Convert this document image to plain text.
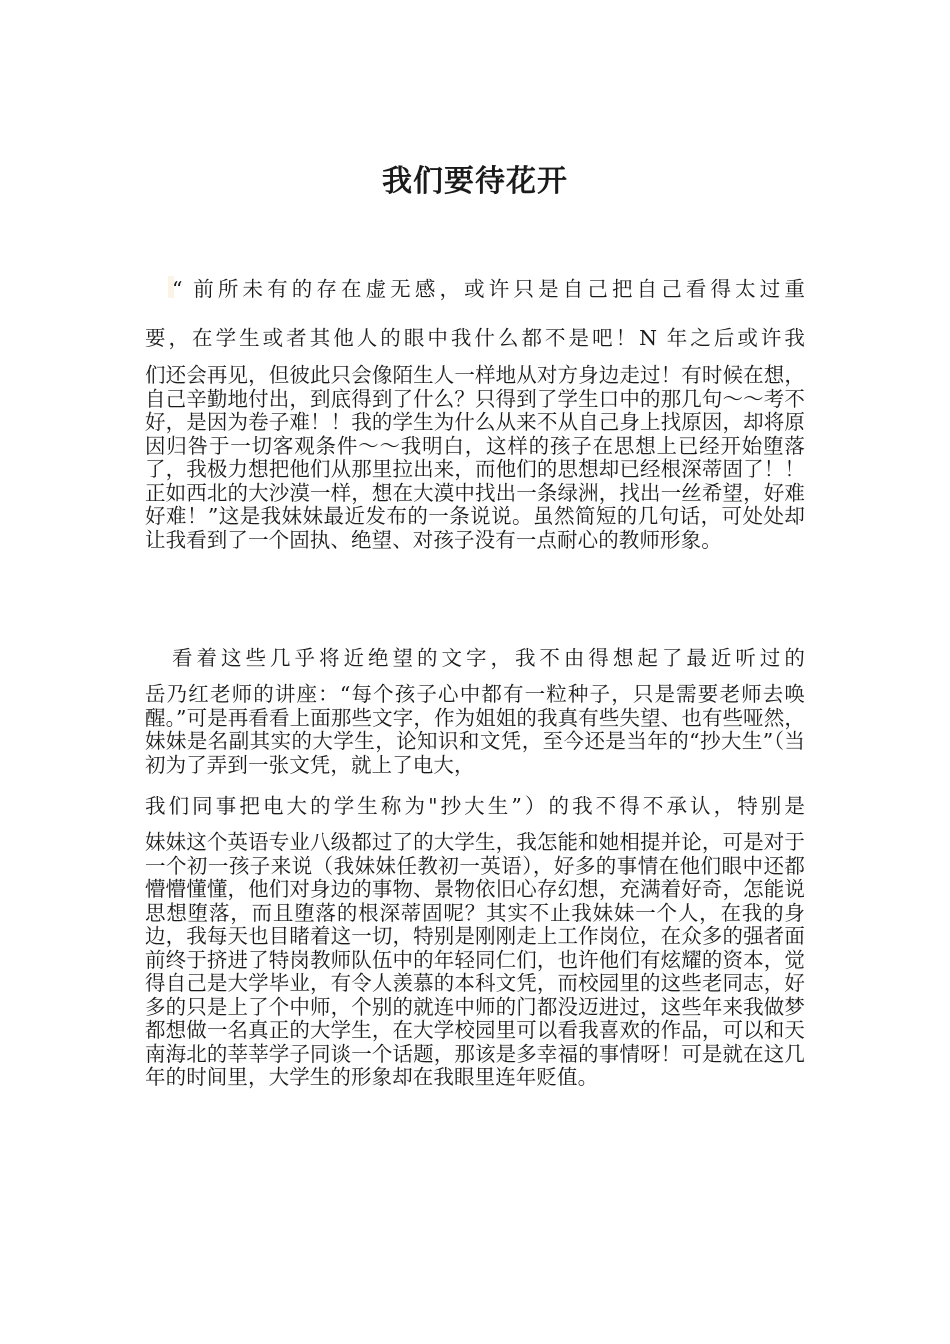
我们要待花开
“ 前所未有的存在虚无感，或许只是自己把自己看得太过重
要，在学生或者其他人的眼中我什么都不是吧！N 年之后或许我
们还会再见，但彼此只会像陌生人一样地从对方身边走过！有时候在想，自己辛勤地付出，到底得到了什么？只得到了学生口中的那几句～～考不好，是因为卷子难！！我的学生为什么从来不从自己身上找原因，却将原因归咎于一切客观条件～～我明白，这样的孩子在思想上已经开始堕落了，我极力想把他们从那里拉出来，而他们的思想却已经根深蒂固了！！ 正如西北的大沙漠一样，想在大漠中找出一条绿洲，找出一丝希望，好难好难！”这是我妹妹最近发布的一条说说。虽然简短的几句话，可处处却让我看到了一个固执、绝望、对孩子没有一点耐心的教师形象。
看着这些几乎将近绝望的文字，我不由得想起了最近听过的
岳乃红老师的讲座：“每个孩子心中都有一粒种子，只是需要老师去唤醒。”可是再看看上面那些文字，作为姐姐的我真有些失望、也有些哑然，妹妹是名副其实的大学生，论知识和文凭，至今还是当年的“抄大生”（当初为了弄到一张文凭，就上了电大，
我们同事把电大的学生称为"抄大生”）的我不得不承认，特别是
妹妹这个英语专业八级都过了的大学生，我怎能和她相提并论，可是对于一个初一孩子来说（我妹妹任教初一英语），好多的事情在他们眼中还都懵懵懂懂，他们对身边的事物、景物依旧心存幻想，充满着好奇，怎能说思想堕落，而且堕落的根深蒂固呢？其实不止我妹妹一个人，在我的身边，我每天也目睹着这一切，特别是刚刚走上工作岗位，在众多的强者面前终于挤进了特岗教师队伍中的年轻同仁们，也许他们有炫耀的资本，觉得自己是大学毕业，有令人羡慕的本科文凭，而校园里的这些老同志，好多的只是上了个中师，个别的就连中师的门都没迈进过，这些年来我做梦都想做一名真正的大学生，在大学校园里可以看我喜欢的作品，可以和天南海北的莘莘学子同谈一个话题，那该是多幸福的事情呀！可是就在这几年的时间里，大学生的形象却在我眼里连年贬值。
